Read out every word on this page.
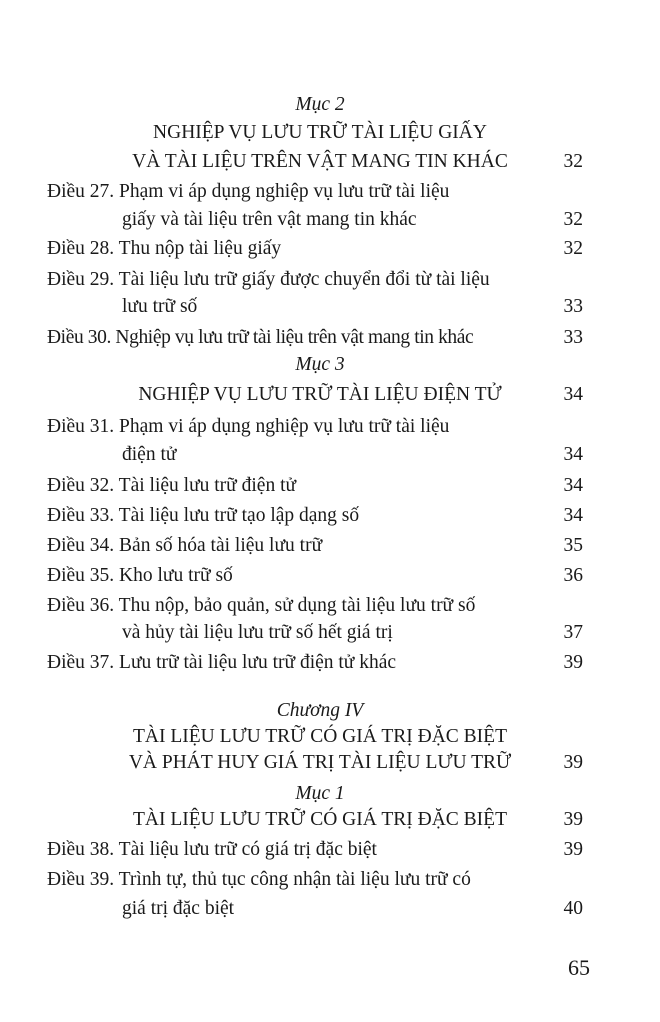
Mục 2
NGHIỆP VỤ LƯU TRỮ TÀI LIỆU GIẤY
VÀ TÀI LIỆU TRÊN VẬT MANG TIN KHÁC	32
Điều 27. Phạm vi áp dụng nghiệp vụ lưu trữ tài liệu
giấy và tài liệu trên vật mang tin khác	32
Điều 28. Thu nộp tài liệu giấy	32
Điều 29. Tài liệu lưu trữ giấy được chuyển đổi từ tài liệu
lưu trữ số	33
Điều 30. Nghiệp vụ lưu trữ tài liệu trên vật mang tin khác	33
Mục 3
NGHIỆP VỤ LƯU TRỮ TÀI LIỆU ĐIỆN TỬ	34
Điều 31. Phạm vi áp dụng nghiệp vụ lưu trữ tài liệu
điện tử	34
Điều 32. Tài liệu lưu trữ điện tử	34
Điều 33. Tài liệu lưu trữ tạo lập dạng số	34
Điều 34. Bản số hóa tài liệu lưu trữ	35
Điều 35. Kho lưu trữ số	36
Điều 36. Thu nộp, bảo quản, sử dụng tài liệu lưu trữ số
và hủy tài liệu lưu trữ số hết giá trị	37
Điều 37. Lưu trữ tài liệu lưu trữ điện tử khác	39
Chương IV
TÀI LIỆU LƯU TRỮ CÓ GIÁ TRỊ ĐẶC BIỆT
VÀ PHÁT HUY GIÁ TRỊ TÀI LIỆU LƯU TRỮ	39
Mục 1
TÀI LIỆU LƯU TRỮ CÓ GIÁ TRỊ ĐẶC BIỆT	39
Điều 38. Tài liệu lưu trữ có giá trị đặc biệt	39
Điều 39. Trình tự, thủ tục công nhận tài liệu lưu trữ có
giá trị đặc biệt	40
65
